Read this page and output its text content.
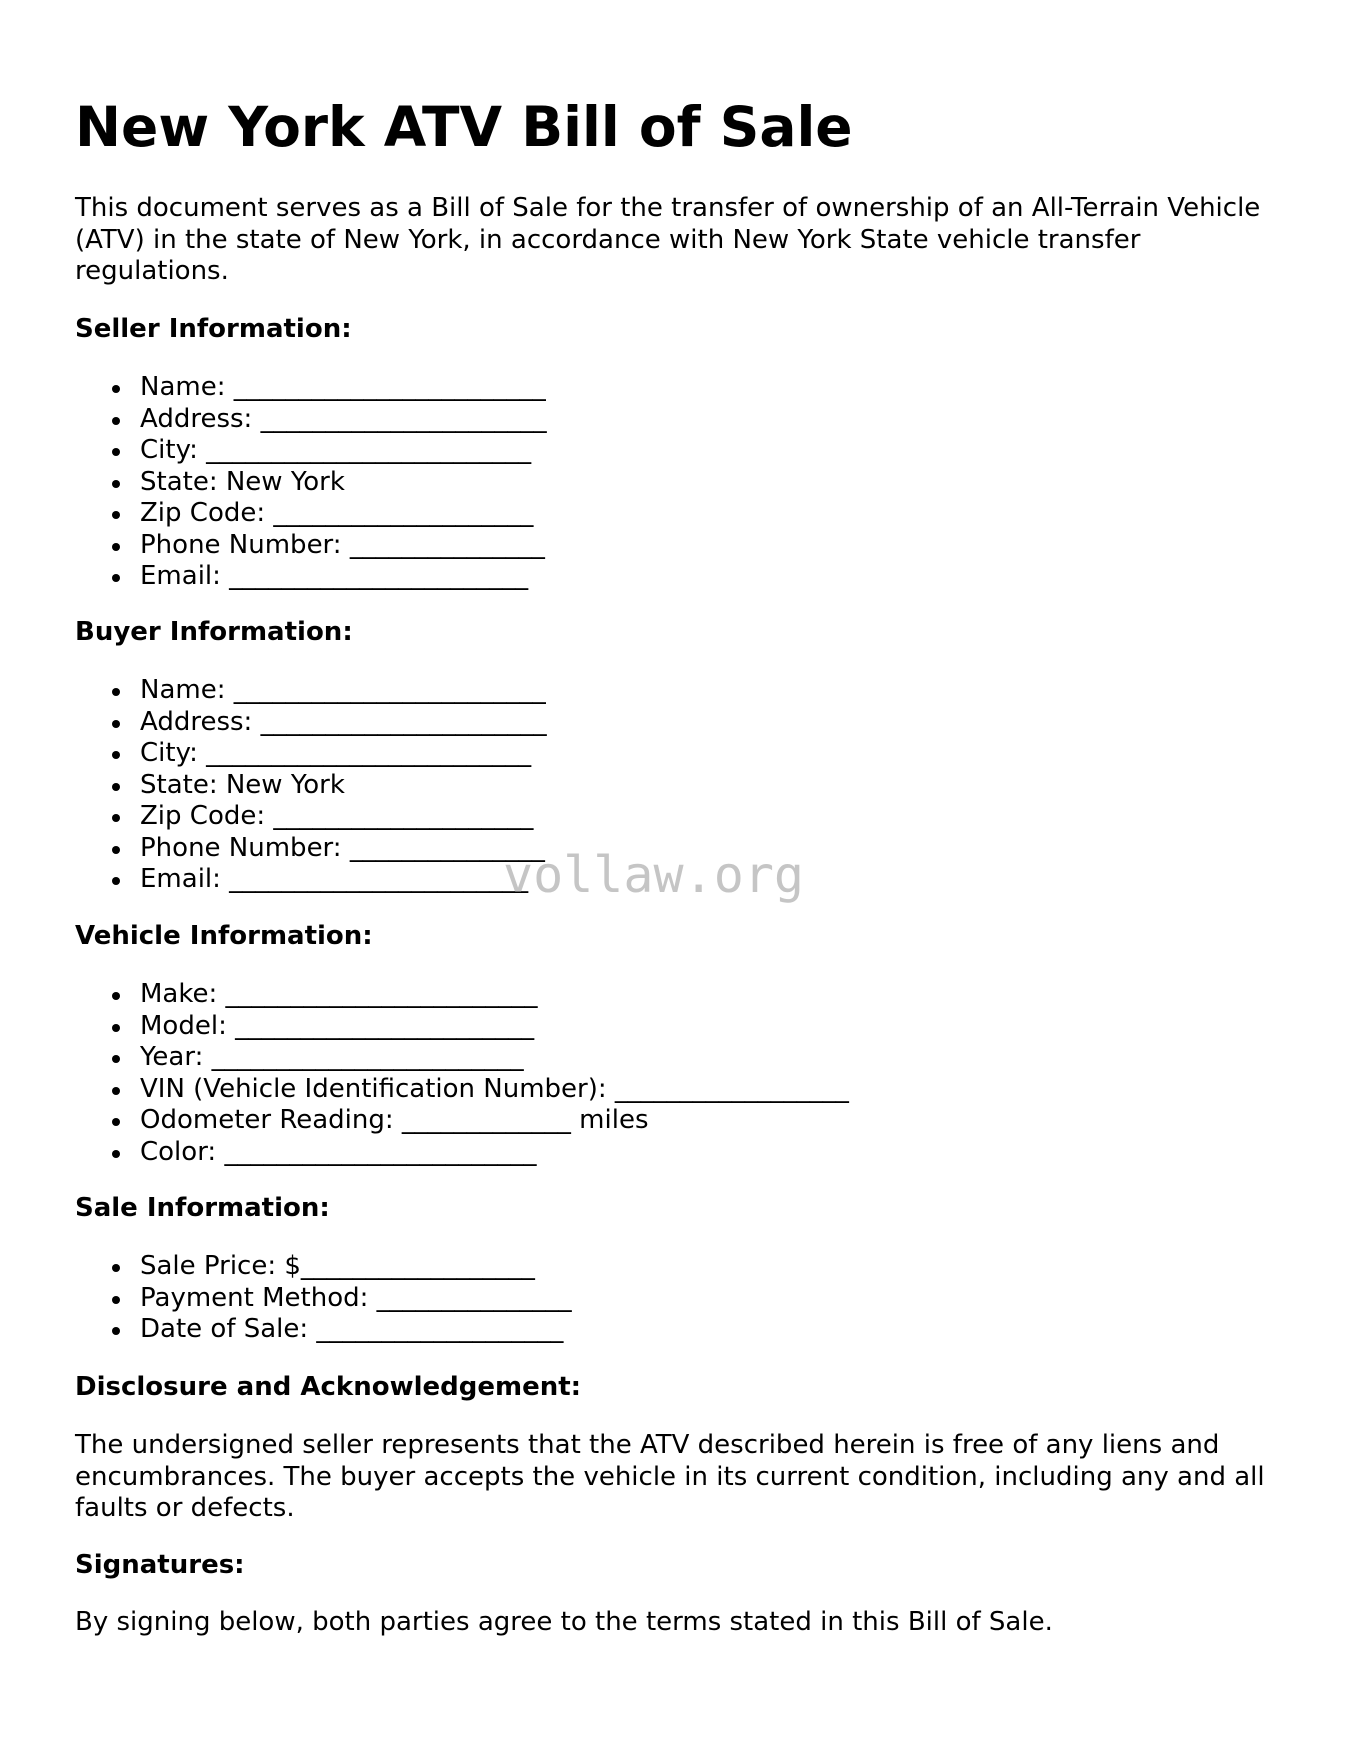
New York ATV Bill of Sale

This document serves as a Bill of Sale for the transfer of ownership of an All-Terrain Vehicle (ATV) in the state of New York, in accordance with New York State vehicle transfer regulations.

Seller Information:
Name: ________________________
Address: ______________________
City: _________________________
State: New York
Zip Code: ____________________
Phone Number: _______________
Email: _______________________
Buyer Information:
Name: ________________________
Address: ______________________
City: _________________________
State: New York
Zip Code: ____________________
Phone Number: _______________
Email: _______________________
Vehicle Information:
Make: ________________________
Model: _______________________
Year: ________________________
VIN (Vehicle Identification Number): __________________
Odometer Reading: _____________ miles
Color: ________________________
Sale Information:
Sale Price: $__________________
Payment Method: _______________
Date of Sale: ___________________
Disclosure and Acknowledgement:

The undersigned seller represents that the ATV described herein is free of any liens and encumbrances. The buyer accepts the vehicle in its current condition, including any and all faults or defects.

Signatures:

By signing below, both parties agree to the terms stated in this Bill of Sale.

vollaw.org
